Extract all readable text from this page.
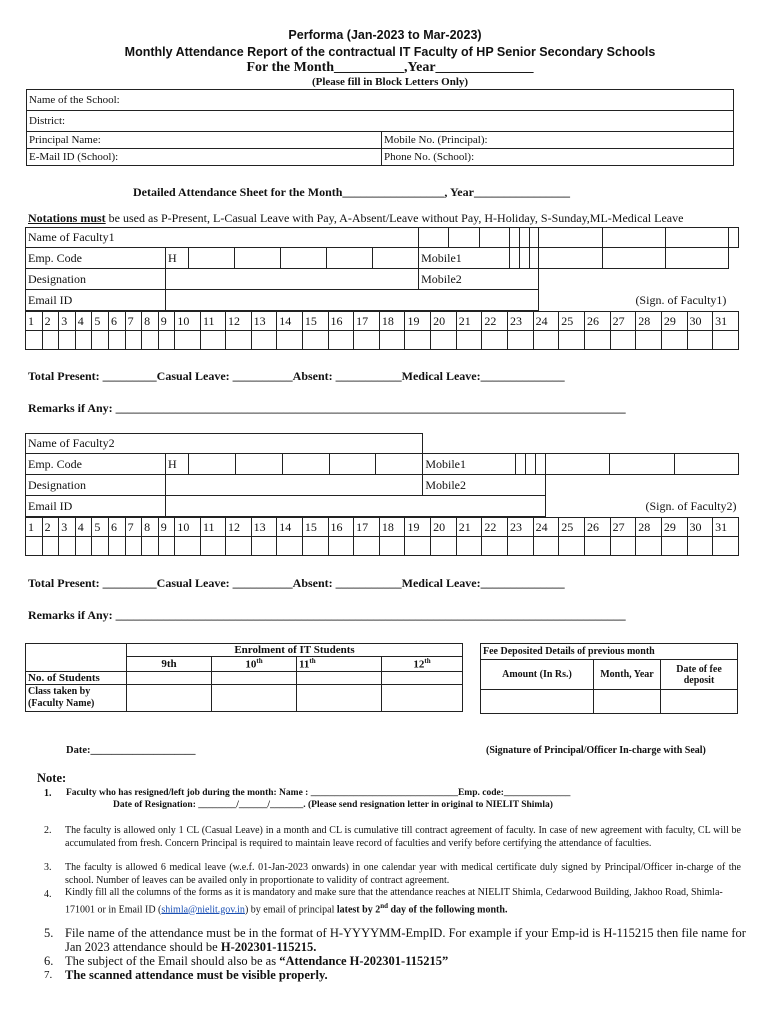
Performa (Jan-2023 to Mar-2023)
Monthly Attendance Report of the contractual IT Faculty of HP Senior Secondary Schools
For the Month__________,Year______________
(Please fill in Block Letters Only)
Name of the School:	
District:	
Principal Name:	Mobile No. (Principal):
E-Mail ID (School):	Phone No. (School):
Detailed Attendance Sheet for the Month_________________, Year________________
Notations must be used as P-Present, L-Casual Leave with Pay, A-Absent/Leave without Pay, H-Holiday, S-Sunday,ML-Medical Leave
Name of Faculty1																
Emp. Code	H						Mobile1									
Designation							Mobile2									
Email ID													(Sign. of Faculty1)			
1	2	3	4	5	6	7	8	9	10	11	12	13	14	15	16	17	18	19	20	21	22	23	24	25	26	27	28	29	30	31

Total Present: _________Casual Leave: __________Absent: ___________Medical Leave:______________
Remarks if Any: _____________________________________________________________________________________
Name of Faculty2													
Emp. Code	H						Mobile1						
Designation							Mobile2						
Email ID											(Sign. of Faculty2)		
1	2	3	4	5	6	7	8	9	10	11	12	13	14	15	16	17	18	19	20	21	22	23	24	25	26	27	28	29	30	31

Total Present: _________Casual Leave: __________Absent: ___________Medical Leave:______________
Remarks if Any: _____________________________________________________________________________________
	Enrolment of IT Students			
	9th	10th	11th	12th
No. of Students				
Class taken by (Faculty Name)				
Fee Deposited Details of previous month		
Amount (In Rs.)	Month, Year	Date of fee deposit

Date:____________________	(Signature of Principal/Officer In-charge with Seal)
Note:
1. Faculty who has resigned/left job during the month: Name : _______________________________Emp. code:______________
Date of Resignation: ________/______/_______. (Please send resignation letter in original to NIELIT Shimla)
2. The faculty is allowed only 1 CL (Casual Leave) in a month and CL is cumulative till contract agreement of faculty. In case of new agreement with faculty, CL will be accumulated from fresh. Concern Principal is required to maintain leave record of faculties and verify before certifying the attendance of faculties.
3. The faculty is allowed 6 medical leave (w.e.f. 01-Jan-2023 onwards) in one calendar year with medical certificate duly signed by Principal/Officer in-charge of the school. Number of leaves can be availed only in proportionate to validity of contract agreement.
4. Kindly fill all the columns of the forms as it is mandatory and make sure that the attendance reaches at NIELIT Shimla, Cedarwood Building, Jakhoo Road, Shimla-171001 or in Email ID (shimla@nielit.gov.in) by email of principal latest by 2nd day of the following month.
5. File name of the attendance must be in the format of H-YYYYMM-EmpID. For example if your Emp-id is H-115215 then file name for Jan 2023 attendance should be H-202301-115215.
6. The subject of the Email should also be as “Attendance H-202301-115215”
7. The scanned attendance must be visible properly.
